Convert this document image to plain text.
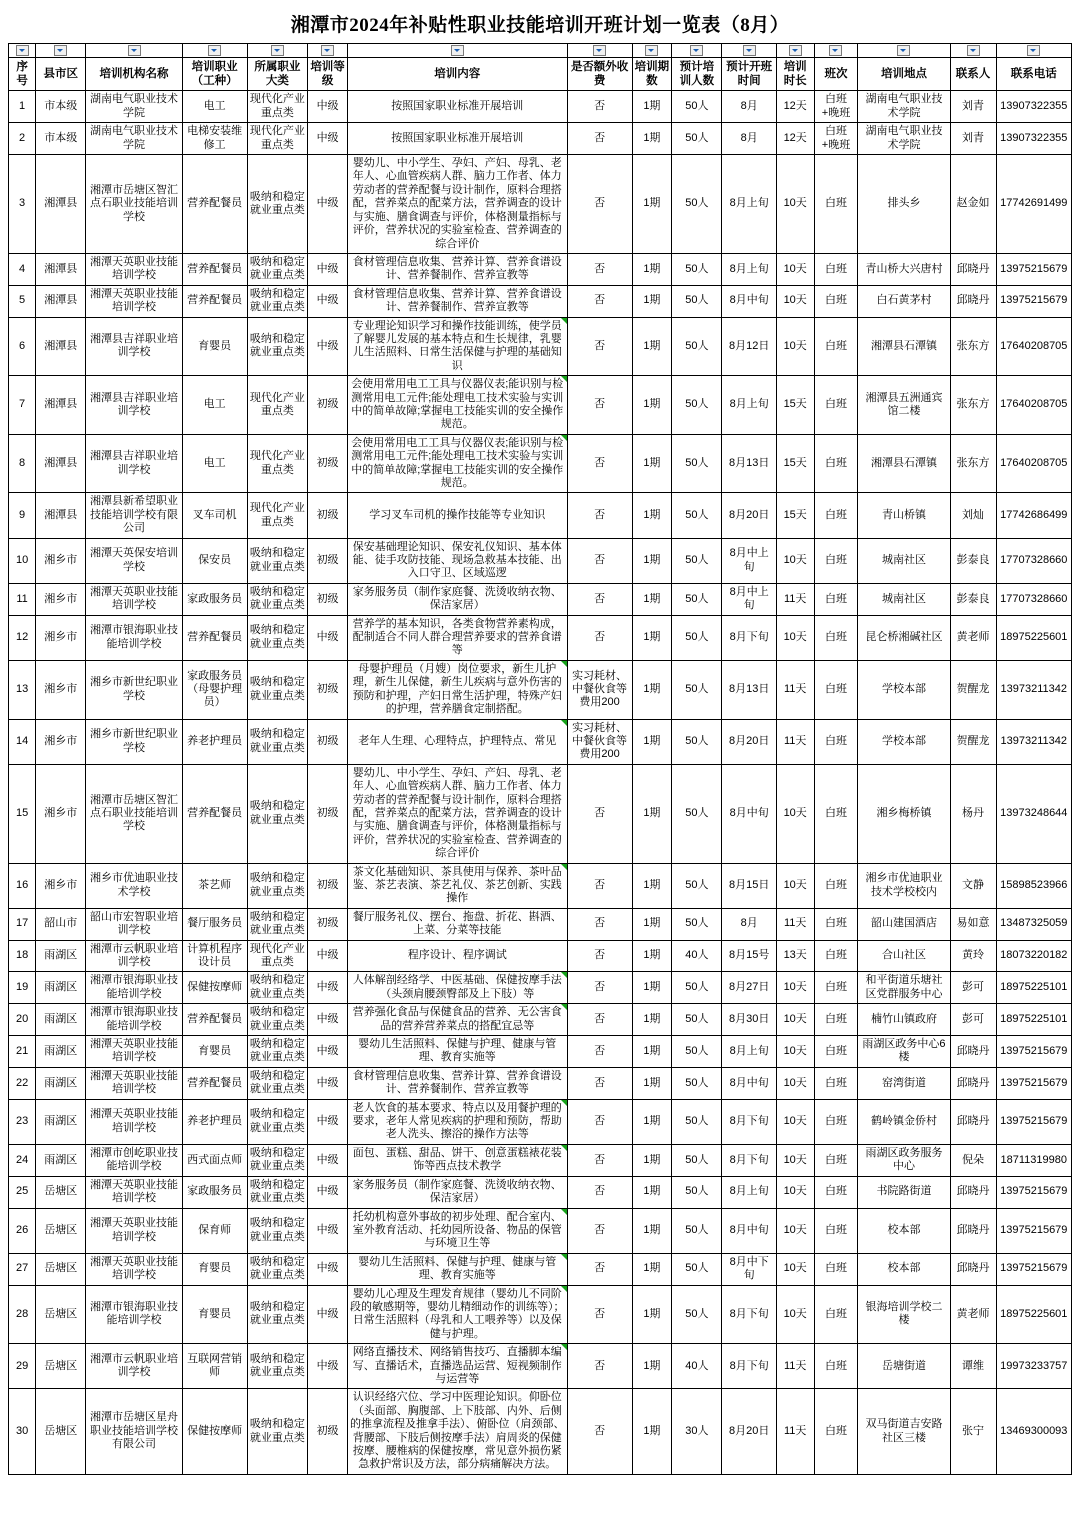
湘潭市2024年补贴性职业技能培训开班计划一览表（8月）

序号	县市区	培训机构名称	培训职业（工种）	所属职业大类	培训等级	培训内容	是否额外收费	培训期数	预计培训人数	预计开班时间	培训时长	班次	培训地点	联系人	联系电话
1	市本级	湖南电气职业技术学院	电工	现代化产业重点类	中级	按照国家职业标准开展培训	否	1期	50人	8月	12天	白班+晚班	湖南电气职业技术学院	刘青	13907322355
2	市本级	湖南电气职业技术学院	电梯安装维修工	现代化产业重点类	中级	按照国家职业标准开展培训	否	1期	50人	8月	12天	白班+晚班	湖南电气职业技术学院	刘青	13907322355
3	湘潭县	湘潭市岳塘区智汇点石职业技能培训学校	营养配餐员	吸纳和稳定就业重点类	中级	婴幼儿、中小学生、孕妇、产妇、母乳、老年人、心血管疾病人群、脑力工作者、体力劳动者的营养配餐与设计制作，原料合理搭配，营养菜点的配菜方法，营养调查的设计与实施、膳食调查与评价，体格测量指标与评价，营养状况的实验室检查、营养调查的综合评价	否	1期	50人	8月上旬	10天	白班	排头乡	赵金如	17742691499
4	湘潭县	湘潭天英职业技能培训学校	营养配餐员	吸纳和稳定就业重点类	中级	食材管理信息收集、营养计算、营养食谱设计、营养餐制作、营养宣教等	否	1期	50人	8月上旬	10天	白班	青山桥大兴唐村	邱晓丹	13975215679
5	湘潭县	湘潭天英职业技能培训学校	营养配餐员	吸纳和稳定就业重点类	中级	食材管理信息收集、营养计算、营养食谱设计、营养餐制作、营养宣教等	否	1期	50人	8月中旬	10天	白班	白石黄茅村	邱晓丹	13975215679
6	湘潭县	湘潭县吉祥职业培训学校	育婴员	吸纳和稳定就业重点类	中级	专业理论知识学习和操作技能训练，使学员了解婴儿发展的基本特点和生长规律，乳婴儿生活照料、日常生活保健与护理的基础知识	否	1期	50人	8月12日	10天	白班	湘潭县石潭镇	张东方	17640208705
7	湘潭县	湘潭县吉祥职业培训学校	电工	现代化产业重点类	初级	会使用常用电工工具与仪器仪表;能识别与检测常用电工元件;能处理电工技术实验与实训中的简单故障;掌握电工技能实训的安全操作规范。	否	1期	50人	8月上旬	15天	白班	湘潭县五洲通宾馆二楼	张东方	17640208705
8	湘潭县	湘潭县吉祥职业培训学校	电工	现代化产业重点类	初级	会使用常用电工工具与仪器仪表;能识别与检测常用电工元件;能处理电工技术实验与实训中的简单故障;掌握电工技能实训的安全操作规范。	否	1期	50人	8月13日	15天	白班	湘潭县石潭镇	张东方	17640208705
9	湘潭县	湘潭县新希望职业技能培训学校有限公司	叉车司机	现代化产业重点类	初级	学习叉车司机的操作技能等专业知识	否	1期	50人	8月20日	15天	白班	青山桥镇	刘灿	17742686499
10	湘乡市	湘潭天英保安培训学校	保安员	吸纳和稳定就业重点类	初级	保安基础理论知识、保安礼仪知识、基本体能、徒手攻防技能、现场急救基本技能、出入口守卫、区域巡逻	否	1期	50人	8月中上旬	10天	白班	城南社区	彭泰良	17707328660
11	湘乡市	湘潭天英职业技能培训学校	家政服务员	吸纳和稳定就业重点类	初级	家务服务员（制作家庭餐、洗烫收纳衣物、保洁家居）	否	1期	50人	8月中上旬	11天	白班	城南社区	彭泰良	17707328660
12	湘乡市	湘潭市银海职业技能培训学校	营养配餐员	吸纳和稳定就业重点类	中级	营养学的基本知识，各类食物营养素构成，配制适合不同人群合理营养要求的营养食谱等	否	1期	50人	8月下旬	10天	白班	昆仑桥湘碱社区	黄老师	18975225601
13	湘乡市	湘乡市新世纪职业学校	家政服务员（母婴护理员）	吸纳和稳定就业重点类	初级	母婴护理员（月嫂）岗位要求，新生儿护理，新生儿保健，新生儿疾病与意外伤害的预防和护理，产妇日常生活护理，特殊产妇的护理，营养膳食定制搭配。	实习耗材、中餐伙食等费用200	1期	50人	8月13日	11天	白班	学校本部	贺醒龙	13973211342
14	湘乡市	湘乡市新世纪职业学校	养老护理员	吸纳和稳定就业重点类	初级	老年人生理、心理特点，护理特点、常见	实习耗材、中餐伙食等费用200	1期	50人	8月20日	11天	白班	学校本部	贺醒龙	13973211342
15	湘乡市	湘潭市岳塘区智汇点石职业技能培训学校	营养配餐员	吸纳和稳定就业重点类	初级	婴幼儿、中小学生、孕妇、产妇、母乳、老年人、心血管疾病人群、脑力工作者、体力劳动者的营养配餐与设计制作，原料合理搭配，营养菜点的配菜方法，营养调查的设计与实施、膳食调查与评价，体格测量指标与评价，营养状况的实验室检查、营养调查的综合评价	否	1期	50人	8月中旬	10天	白班	湘乡梅桥镇	杨丹	13973248644
16	湘乡市	湘乡市优迪职业技术学校	茶艺师	吸纳和稳定就业重点类	初级	茶文化基础知识、茶具使用与保养、茶叶品鉴、茶艺表演、茶艺礼仪、茶艺创新、实践操作	否	1期	50人	8月15日	10天	白班	湘乡市优迪职业技术学校校内	文静	15898523966
17	韶山市	韶山市宏智职业培训学校	餐厅服务员	吸纳和稳定就业重点类	初级	餐厅服务礼仪、摆台、拖盘、折花、斟酒、上菜、分菜等技能	否	1期	50人	8月	11天	白班	韶山建国酒店	易如意	13487325059
18	雨湖区	湘潭市云帆职业培训学校	计算机程序设计员	现代化产业重点类	中级	程序设计、程序调试	否	1期	40人	8月15号	13天	白班	合山社区	黄玲	18073220182
19	雨湖区	湘潭市银海职业技能培训学校	保健按摩师	吸纳和稳定就业重点类	中级	人体解剖经络学、中医基础、保健按摩手法（头颈肩腰颈臀部及上下肢）等	否	1期	50人	8月27日	10天	白班	和平街道乐塘社区党群服务中心	彭可	18975225101
20	雨湖区	湘潭市银海职业技能培训学校	营养配餐员	吸纳和稳定就业重点类	中级	营养强化食品与保健食品的营养、无公害食品的营养营养菜点的搭配宜忌等	否	1期	50人	8月30日	10天	白班	楠竹山镇政府	彭可	18975225101
21	雨湖区	湘潭天英职业技能培训学校	育婴员	吸纳和稳定就业重点类	中级	婴幼儿生活照料、保健与护理、健康与管理、教育实施等	否	1期	50人	8月上旬	10天	白班	雨湖区政务中心6楼	邱晓丹	13975215679
22	雨湖区	湘潭天英职业技能培训学校	营养配餐员	吸纳和稳定就业重点类	中级	食材管理信息收集、营养计算、营养食谱设计、营养餐制作、营养宣教等	否	1期	50人	8月中旬	10天	白班	窑湾街道	邱晓丹	13975215679
23	雨湖区	湘潭天英职业技能培训学校	养老护理员	吸纳和稳定就业重点类	中级	老人饮食的基本要求、特点以及用餐护理的要求，老年人常见疾病的护理和预防，帮助老人洗头、擦浴的操作方法等	否	1期	50人	8月下旬	10天	白班	鹤岭镇金侨村	邱晓丹	13975215679
24	雨湖区	湘潭市创屹职业技能培训学校	西式面点师	吸纳和稳定就业重点类	中级	面包、蛋糕、甜品、饼干、创意蛋糕裱花装饰等西点技术教学	否	1期	50人	8月下旬	10天	白班	雨湖区政务服务中心	倪朵	18711319980
25	岳塘区	湘潭天英职业技能培训学校	家政服务员	吸纳和稳定就业重点类	中级	家务服务员（制作家庭餐、洗烫收纳衣物、保洁家居）	否	1期	50人	8月上旬	10天	白班	书院路街道	邱晓丹	13975215679
26	岳塘区	湘潭天英职业技能培训学校	保育师	吸纳和稳定就业重点类	中级	托幼机构意外事故的初步处理、配合室内、室外教育活动、托幼园所设备、物品的保管与环境卫生等	否	1期	50人	8月中旬	10天	白班	校本部	邱晓丹	13975215679
27	岳塘区	湘潭天英职业技能培训学校	育婴员	吸纳和稳定就业重点类	中级	婴幼儿生活照料、保健与护理、健康与管理、教育实施等	否	1期	50人	8月中下旬	10天	白班	校本部	邱晓丹	13975215679
28	岳塘区	湘潭市银海职业技能培训学校	育婴员	吸纳和稳定就业重点类	中级	婴幼儿心理及生理发育规律（婴幼儿不同阶段的敏感期等，婴幼儿精细动作的训练等）；日常生活照料（母乳和人工喂养等）以及保健与护理。	否	1期	50人	8月下旬	10天	白班	银海培训学校二楼	黄老师	18975225601
29	岳塘区	湘潭市云帆职业培训学校	互联网营销师	吸纳和稳定就业重点类	中级	网络直播技术、网络销售技巧、直播脚本编写、直播话术，直播选品运营、短视频制作与运营等	否	1期	40人	8月下旬	11天	白班	岳塘街道	谭维	19973233757
30	岳塘区	湘潭市岳塘区星舟职业技能培训学校有限公司	保健按摩师	吸纳和稳定就业重点类	初级	认识经络穴位、学习中医理论知识。仰卧位（头面部、胸腹部、上下肢部、内外、后侧的推拿流程及推拿手法）、俯卧位（肩颈部、背腰部、下肢后侧按摩手法）肩周炎的保健按摩、腰椎病的保健按摩，常见意外损伤紧急救护常识及方法，部分病痛解决方法。	否	1期	30人	8月20日	11天	白班	双马街道吉安路社区三楼	张宁	13469300093
